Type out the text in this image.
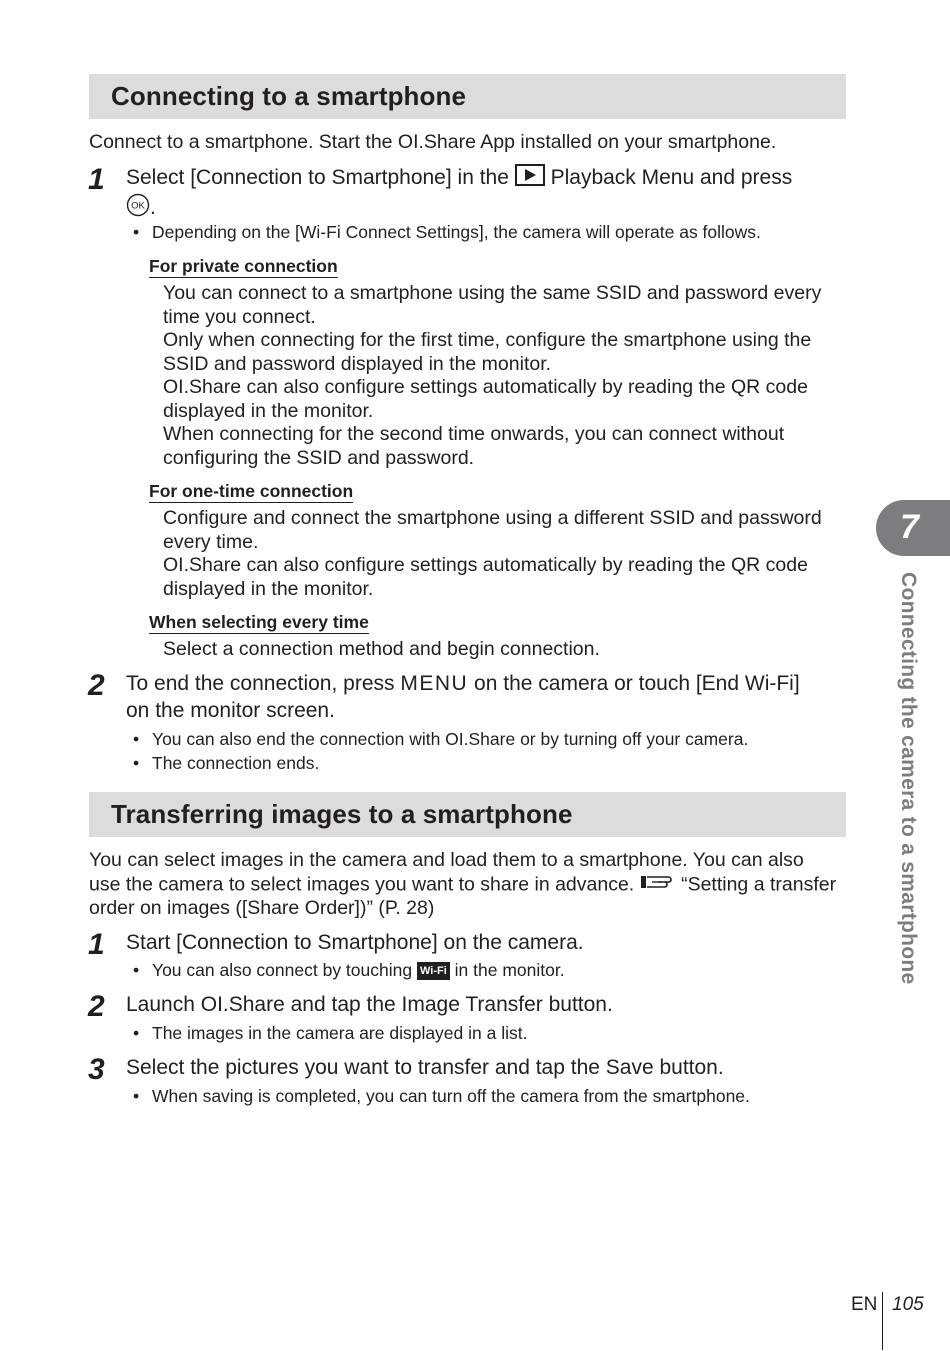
Connecting to a smartphone
Connect to a smartphone. Start the OI.Share App installed on your smartphone.
1 Select [Connection to Smartphone] in the Playback Menu and press

OK .
• Depending on the [Wi-Fi Connect Settings], the camera will operate as follows.
For private connection
You can connect to a smartphone using the same SSID and password every
time you connect.
Only when connecting for the first time, configure the smartphone using the
SSID and password displayed in the monitor.
OI.Share can also configure settings automatically by reading the QR code
displayed in the monitor.
When connecting for the second time onwards, you can connect without
configuring the SSID and password.
For one-time connection
Configure and connect the smartphone using a different SSID and password
every time.
OI.Share can also configure settings automatically by reading the QR code
displayed in the monitor.
When selecting every time
Select a connection method and begin connection.
2 To end the connection, press MENU on the camera or touch [End Wi-Fi]
on the monitor screen.
• You can also end the connection with OI.Share or by turning off your camera.
• The connection ends.
Transferring images to a smartphone
You can select images in the camera and load them to a smartphone. You can also
use the camera to select images you want to share in advance. “Setting a transfer
order on images ([Share Order])” (P. 28)
1 Start [Connection to Smartphone] on the camera.
• You can also connect by touching Wi-Fi in the monitor.
2 Launch OI.Share and tap the Image Transfer button.
• The images in the camera are displayed in a list.
3 Select the pictures you want to transfer and tap the Save button.
• When saving is completed, you can turn off the camera from the smartphone.
7
Connecting the camera to a smartphone
EN 105
